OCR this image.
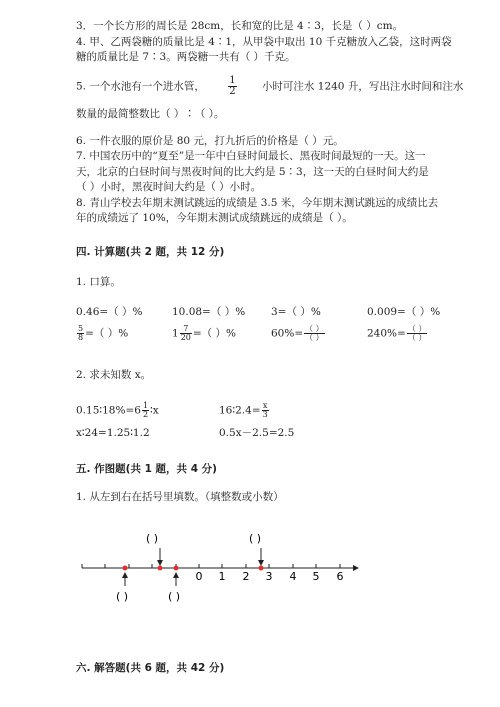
3．一个长方形的周长是 28cm，长和宽的比是 4∶3，长是（ ）cm。
4. 甲、乙两袋糖的质量比是 4∶1，从甲袋中取出 10 千克糖放入乙袋，这时两袋
糖的质量比是 7∶3。两袋糖一共有（ ）千克。
5. 一个水池有一个进水管， $\frac{1}{2}$ 小时可注水 1240 升，写出注水时间和注水
数量的最简整数比（ ）∶（ ）。
6. 一件衣服的原价是 80 元，打九折后的价格是（ ）元。
7. 中国农历中的“夏至”是一年中白昼时间最长、黑夜时间最短的一天。这一
天，北京的白昼时间与黑夜时间的比大约是 5∶3，这一天的白昼时间大约是
（ ）小时，黑夜时间大约是（ ）小时。
8. 青山学校去年期末测试跳远的成绩是 3.5 米，今年期末测试跳远的成绩比去
年的成绩远了 10%，今年期末测试成绩跳远的成绩是（ ）。
四. 计算题(共 2 题，共 12 分)
1. 口算。
0.46=（ ）%	10.08=（ ）% 3=（ ）%	0.009=（ ）%
$\frac{5}{8}$ =（ ）%	$1 \frac{7}{20}$ =（ ）%	$60\%= \frac{( )}{( )}$	$240\%= \frac{( )}{( )}$
2. 求未知数 x。
0.15∶18%=6 $\frac{1}{2}$ ∶x	16∶2.4= $\frac{x}{3}$
x∶24=1.25∶1.2	0.5x－2.5=2.5
五. 作图题(共 1 题，共 4 分)
1. 从左到右在括号里填数。（填整数或小数）
( )	( )
0 1 2 3 4 5 6
( )	( )
六. 解答题(共 6 题，共 42 分)
